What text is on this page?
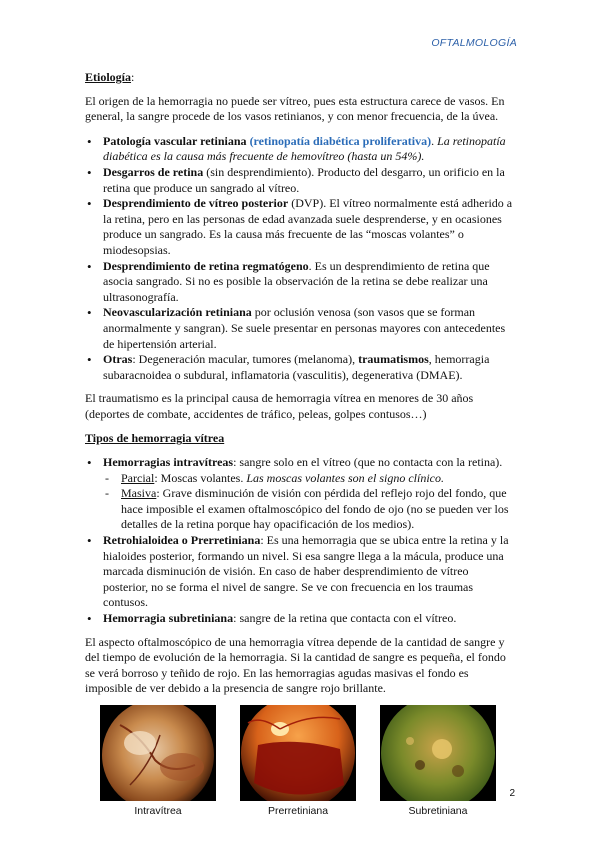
OFTALMOLOGÍA
Etiología:

El origen de la hemorragia no puede ser vítreo, pues esta estructura carece de vasos. En general, la sangre procede de los vasos retinianos, y con menor frecuencia, de la úvea.

• Patología vascular retiniana (retinopatía diabética proliferativa). La retinopatía diabética es la causa más frecuente de hemovítreo (hasta un 54%).
• Desgarros de retina (sin desprendimiento). Producto del desgarro, un orificio en la retina que produce un sangrado al vítreo.
• Desprendimiento de vítreo posterior (DVP). El vítreo normalmente está adherido a la retina, pero en las personas de edad avanzada suele desprenderse, y en ocasiones produce un sangrado. Es la causa más frecuente de las “moscas volantes” o miodesopsias.
• Desprendimiento de retina regmatógeno. Es un desprendimiento de retina que asocia sangrado. Si no es posible la observación de la retina se debe realizar una ultrasonografía.
• Neovascularización retiniana por oclusión venosa (son vasos que se forman anormalmente y sangran). Se suele presentar en personas mayores con antecedentes de hipertensión arterial.
• Otras: Degeneración macular, tumores (melanoma), traumatismos, hemorragia subaracnoidea o subdural, inflamatoria (vasculitis), degenerativa (DMAE).

El traumatismo es la principal causa de hemorragia vítrea en menores de 30 años (deportes de combate, accidentes de tráfico, peleas, golpes contusos…)

Tipos de hemorragia vítrea
• Hemorragias intravítreas: sangre solo en el vítreo (que no contacta con la retina).
- Parcial: Moscas volantes. Las moscas volantes son el signo clínico.
- Masiva: Grave disminución de visión con pérdida del reflejo rojo del fondo, que hace imposible el examen oftalmoscópico del fondo de ojo (no se pueden ver los detalles de la retina porque hay opacificación de los medios).
• Retrohialoidea o Prerretiniana: Es una hemorragia que se ubica entre la retina y la hialoides posterior, formando un nivel. Si esa sangre llega a la mácula, produce una marcada disminución de visión. En caso de haber desprendimiento de vítreo posterior, no se forma el nivel de sangre. Se ve con frecuencia en los traumas contusos.
• Hemorragia subretiniana: sangre de la retina que contacta con el vítreo.

El aspecto oftalmoscópico de una hemorragia vítrea depende de la cantidad de sangre y del tiempo de evolución de la hemorragia. Si la cantidad de sangre es pequeña, el fondo se verá borroso y teñido de rojo. En las hemorragias agudas masivas el fondo es imposible de ver debido a la presencia de sangre rojo brillante.

Intravítrea	Prerretiniana	Subretiniana
2
